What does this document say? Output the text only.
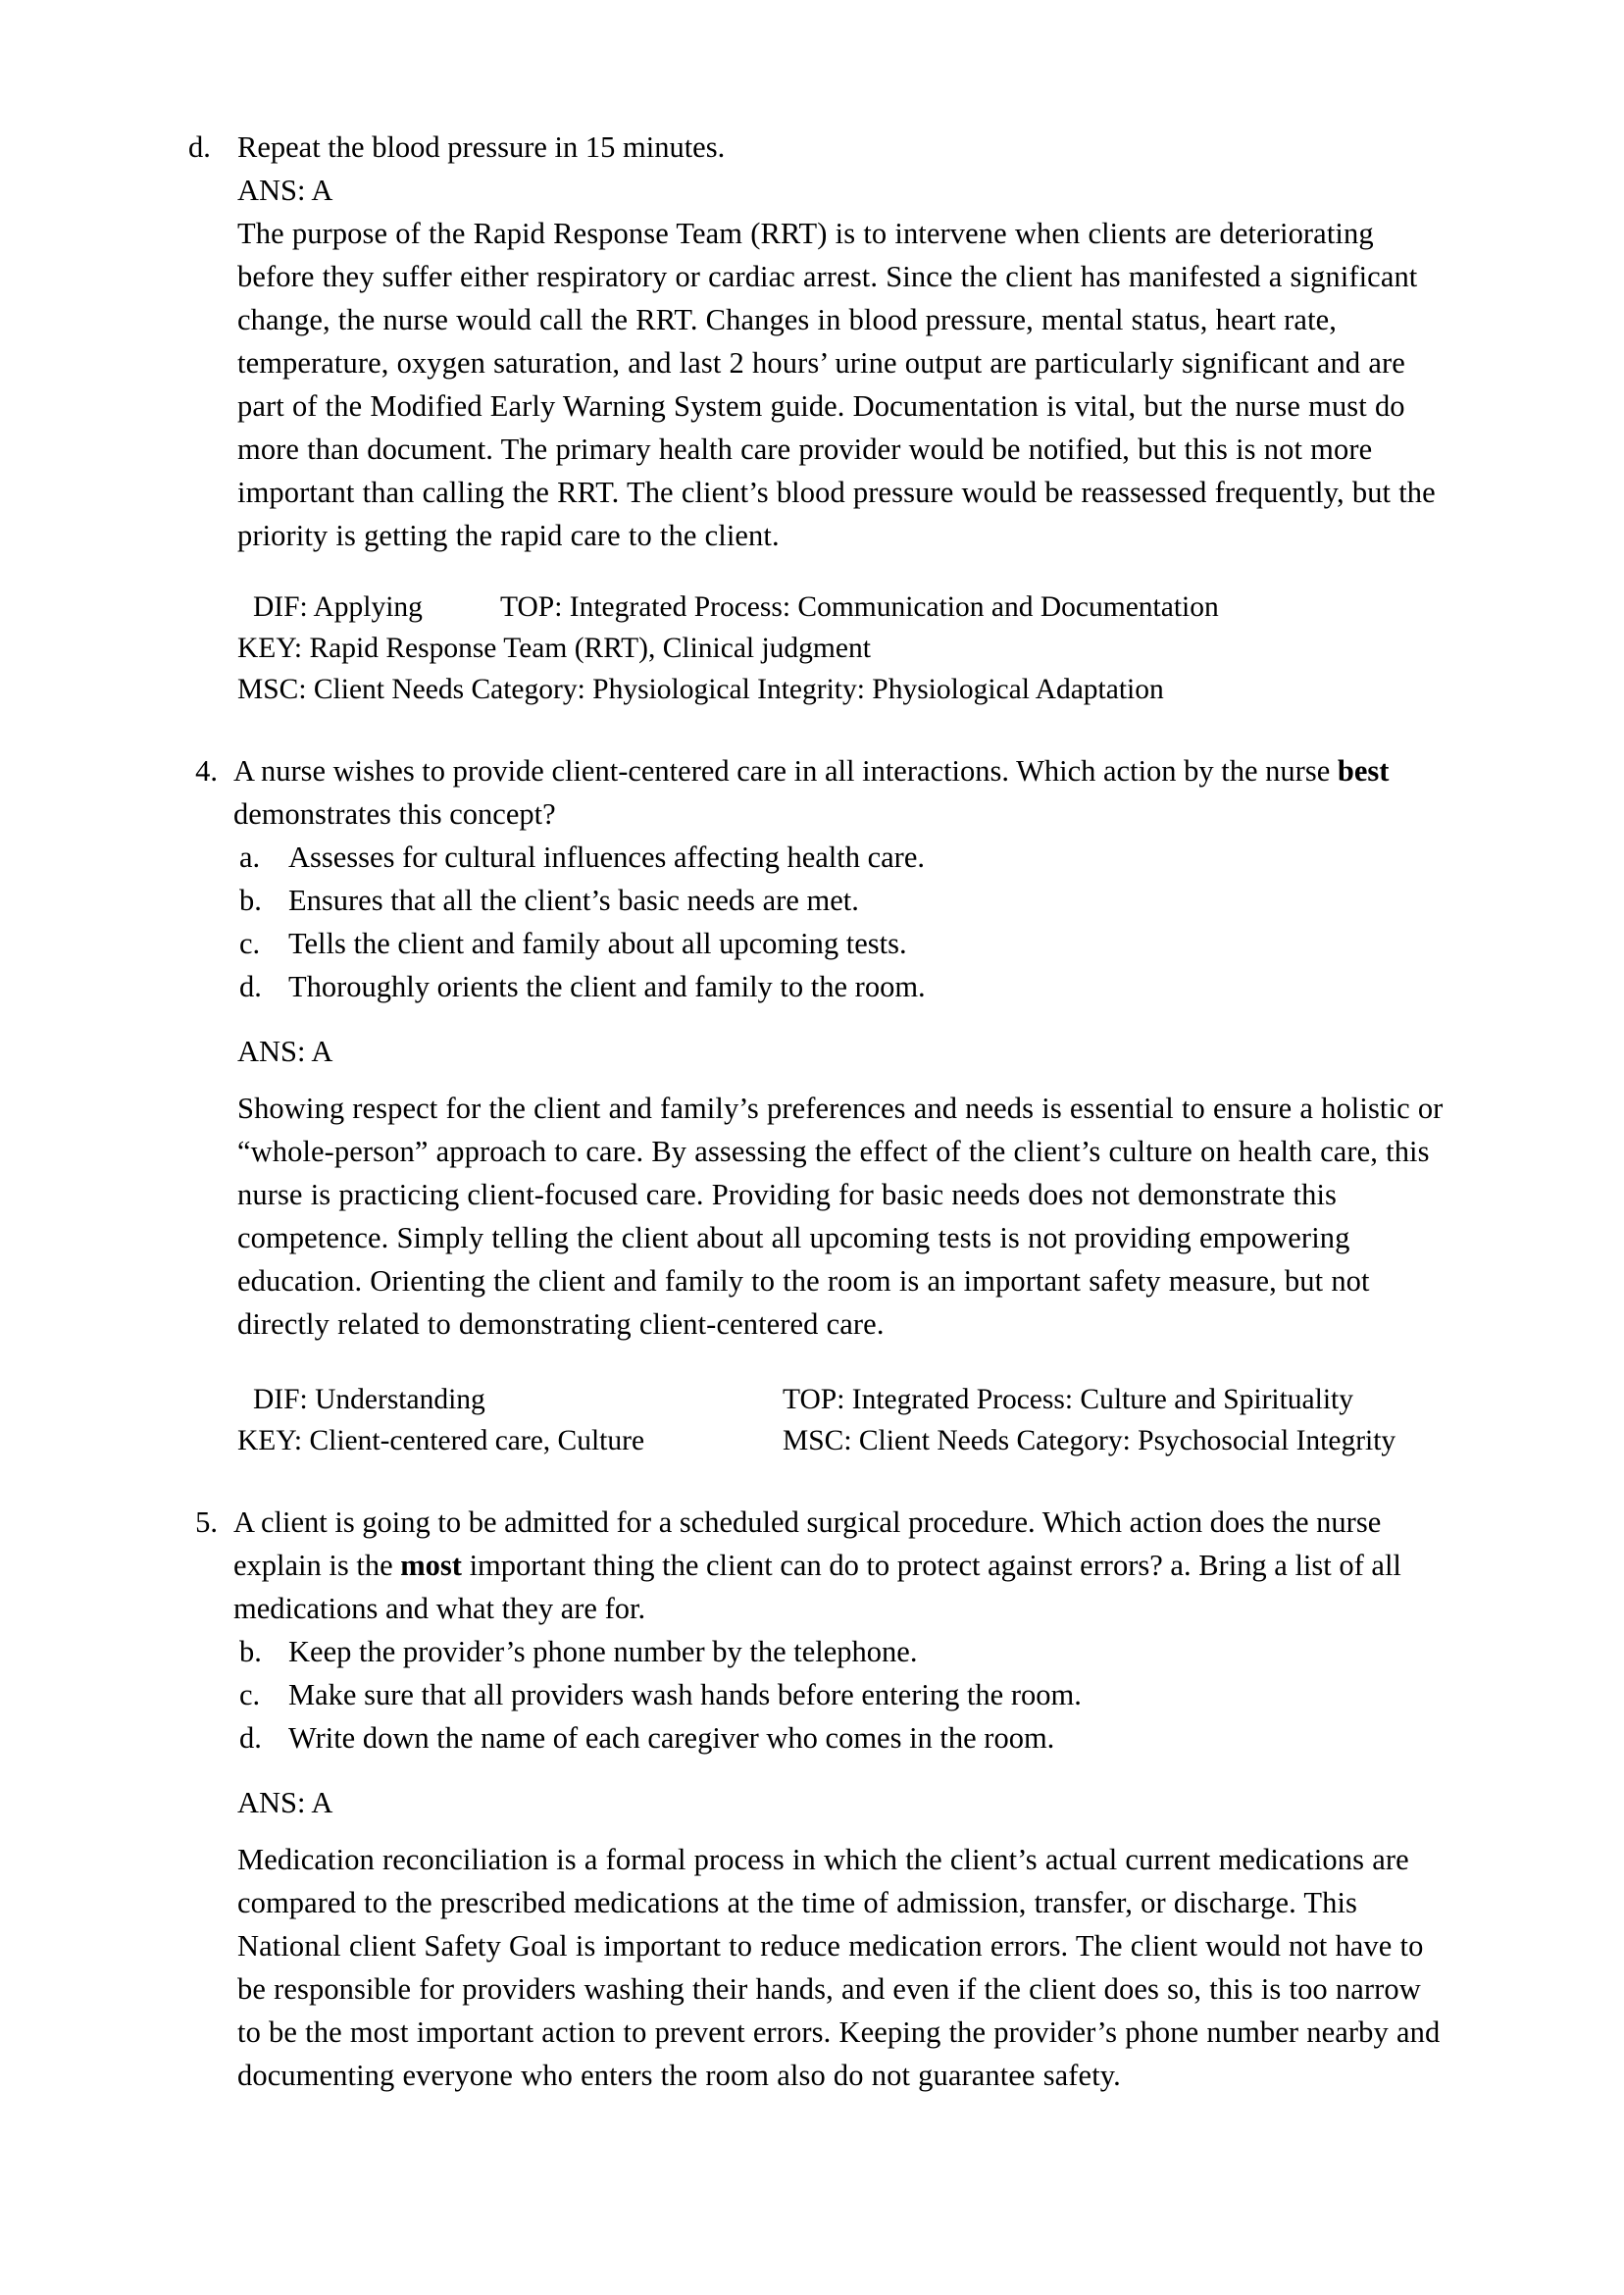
d. Repeat the blood pressure in 15 minutes.
ANS: A
The purpose of the Rapid Response Team (RRT) is to intervene when clients are deteriorating before they suffer either respiratory or cardiac arrest. Since the client has manifested a significant change, the nurse would call the RRT. Changes in blood pressure, mental status, heart rate, temperature, oxygen saturation, and last 2 hours’ urine output are particularly significant and are part of the Modified Early Warning System guide. Documentation is vital, but the nurse must do more than document. The primary health care provider would be notified, but this is not more important than calling the RRT. The client’s blood pressure would be reassessed frequently, but the priority is getting the rapid care to the client.
DIF: Applying	TOP: Integrated Process: Communication and Documentation
KEY: Rapid Response Team (RRT), Clinical judgment
MSC: Client Needs Category: Physiological Integrity: Physiological Adaptation
4. A nurse wishes to provide client-centered care in all interactions. Which action by the nurse best demonstrates this concept?
a. Assesses for cultural influences affecting health care.
b. Ensures that all the client’s basic needs are met.
c. Tells the client and family about all upcoming tests.
d. Thoroughly orients the client and family to the room.
ANS: A
Showing respect for the client and family’s preferences and needs is essential to ensure a holistic or “whole-person” approach to care. By assessing the effect of the client’s culture on health care, this nurse is practicing client-focused care. Providing for basic needs does not demonstrate this competence. Simply telling the client about all upcoming tests is not providing empowering education. Orienting the client and family to the room is an important safety measure, but not directly related to demonstrating client-centered care.
DIF: Understanding	TOP: Integrated Process: Culture and Spirituality
KEY: Client-centered care, Culture	MSC: Client Needs Category: Psychosocial Integrity
5. A client is going to be admitted for a scheduled surgical procedure. Which action does the nurse explain is the most important thing the client can do to protect against errors? a. Bring a list of all medications and what they are for.
b. Keep the provider’s phone number by the telephone.
c. Make sure that all providers wash hands before entering the room.
d. Write down the name of each caregiver who comes in the room.
ANS: A
Medication reconciliation is a formal process in which the client’s actual current medications are compared to the prescribed medications at the time of admission, transfer, or discharge. This National client Safety Goal is important to reduce medication errors. The client would not have to be responsible for providers washing their hands, and even if the client does so, this is too narrow to be the most important action to prevent errors. Keeping the provider’s phone number nearby and documenting everyone who enters the room also do not guarantee safety.
